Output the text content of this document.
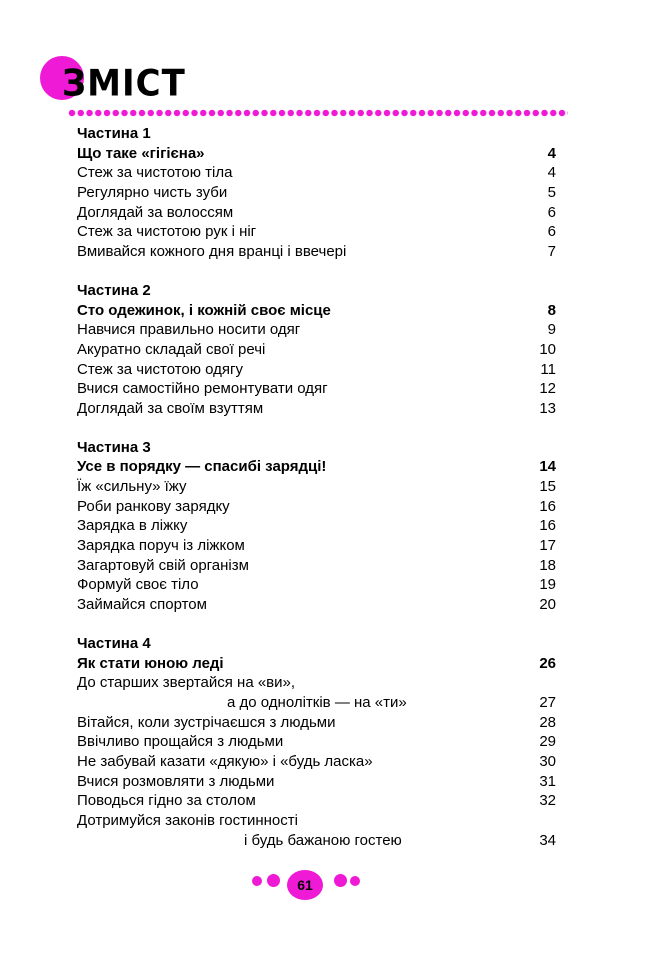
ЗМІСТ
Частина 1
Що таке «гігієна»	4
Стеж за чистотою тіла	4
Регулярно чисть зуби	5
Доглядай за волоссям	6
Стеж за чистотою рук і ніг	6
Вмивайся кожного дня вранці і ввечері	7
Частина 2
Сто одежинок, і кожній своє місце	8
Навчися правильно носити одяг	9
Акуратно складай свої речі	10
Стеж за чистотою одягу	11
Вчися самостійно ремонтувати одяг	12
Доглядай за своїм взуттям	13
Частина 3
Усе в порядку — спасибі зарядці!	14
Їж «сильну» їжу	15
Роби ранкову зарядку	16
Зарядка в ліжку	16
Зарядка поруч із ліжком	17
Загартовуй свій організм	18
Формуй своє тіло	19
Займайся спортом	20
Частина 4
Як стати юною леді	26
До старших звертайся на «ви»,
а до однолітків — на «ти»	27
Вітайся, коли зустрічаєшся з людьми	28
Ввічливо прощайся з людьми	29
Не забувай казати «дякую» і «будь ласка»	30
Вчися розмовляти з людьми	31
Поводься гідно за столом	32
Дотримуйся законів гостинності
і будь бажаною гостею	34
61
